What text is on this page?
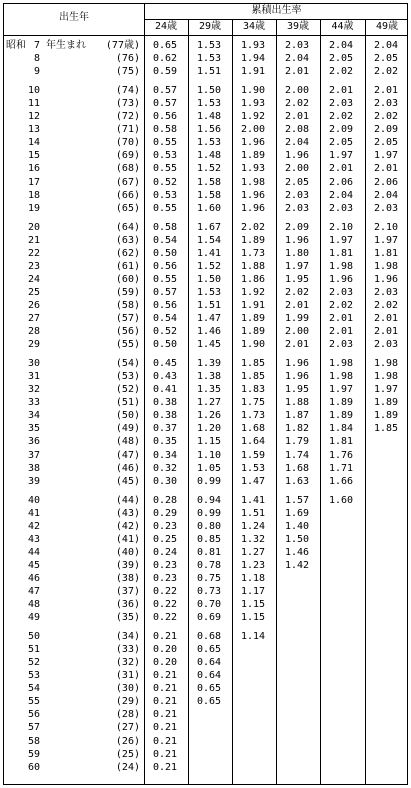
出生年
累積出生率
24歳	29歳	34歳	39歳	44歳	49歳
昭和 7 年生まれ	(77歳) 0.65 1.53 1.93 2.03 2.04 2.04
8	(76) 0.62 1.53 1.94 2.04 2.05 2.05
9	(75) 0.59 1.51 1.91 2.01 2.02 2.02
10	(74) 0.57 1.50 1.90 2.00 2.01 2.01
11	(73) 0.57 1.53 1.93 2.02 2.03 2.03
12	(72) 0.56 1.48 1.92 2.01 2.02 2.02
13	(71) 0.58 1.56 2.00 2.08 2.09 2.09
14	(70) 0.55 1.53 1.96 2.04 2.05 2.05
15	(69) 0.53 1.48 1.89 1.96 1.97 1.97
16	(68) 0.55 1.52 1.93 2.00 2.01 2.01
17	(67) 0.52 1.58 1.98 2.05 2.06 2.06
18	(66) 0.53 1.58 1.96 2.03 2.04 2.04
19	(65) 0.55 1.60 1.96 2.03 2.03 2.03
20	(64) 0.58 1.67 2.02 2.09 2.10 2.10
21	(63) 0.54 1.54 1.89 1.96 1.97 1.97
22	(62) 0.50 1.41 1.73 1.80 1.81 1.81
23	(61) 0.56 1.52 1.88 1.97 1.98 1.98
24	(60) 0.55 1.50 1.86 1.95 1.96 1.96
25	(59) 0.57 1.53 1.92 2.02 2.03 2.03
26	(58) 0.56 1.51 1.91 2.01 2.02 2.02
27	(57) 0.54 1.47 1.89 1.99 2.01 2.01
28	(56) 0.52 1.46 1.89 2.00 2.01 2.01
29	(55) 0.50 1.45 1.90 2.01 2.03 2.03
30	(54) 0.45 1.39 1.85 1.96 1.98 1.98
31	(53) 0.43 1.38 1.85 1.96 1.98 1.98
32	(52) 0.41 1.35 1.83 1.95 1.97 1.97
33	(51) 0.38 1.27 1.75 1.88 1.89 1.89
34	(50) 0.38 1.26 1.73 1.87 1.89 1.89
35	(49) 0.37 1.20 1.68 1.82 1.84 1.85
36	(48) 0.35 1.15 1.64 1.79 1.81
37	(47) 0.34 1.10 1.59 1.74 1.76
38	(46) 0.32 1.05 1.53 1.68 1.71
39	(45) 0.30 0.99 1.47 1.63 1.66
40	(44) 0.28 0.94 1.41 1.57 1.60
41	(43) 0.29 0.99 1.51 1.69
42	(42) 0.23 0.80 1.24 1.40
43	(41) 0.25 0.85 1.32 1.50
44	(40) 0.24 0.81 1.27 1.46
45	(39) 0.23 0.78 1.23 1.42
46	(38) 0.23 0.75 1.18
47	(37) 0.22 0.73 1.17
48	(36) 0.22 0.70 1.15
49	(35) 0.22 0.69 1.15
50	(34) 0.21 0.68 1.14
51	(33) 0.20 0.65
52	(32) 0.20 0.64
53	(31) 0.21 0.64
54	(30) 0.21 0.65
55	(29) 0.21 0.65
56	(28) 0.21
57	(27) 0.21
58	(26) 0.21
59	(25) 0.21
60	(24) 0.21
